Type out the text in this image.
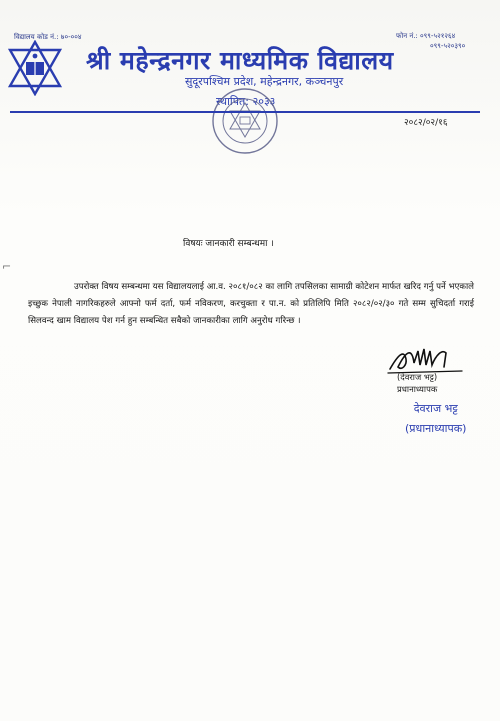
विद्यालय कोड नं.: ७०-००४	फोन नं.: ०९९-५२१२६४
०९९-५२०३९०
श्री महेन्द्रनगर माध्यमिक विद्यालय
सुदूरपश्चिम प्रदेश, महेन्द्रनगर, कञ्चनपुर
स्थापित: २०३३
२०८२/०२/१६
⌐
विषयः जानकारी सम्बन्धमा ।

उपरोक्त विषय सम्बन्धमा यस विद्यालयलाई आ.व. २०८१/०८२ का लागि तपसिलका सामाग्री कोटेशन मार्फत खरिद गर्नु पर्ने भएकाले इच्छुक नेपाली नागरिकहरुले आफ्नो फर्म दर्ता, फर्म नविकरण, करचुक्ता र पा.न. को प्रतिलिपि मिति २०८२/०२/३० गते सम्म सुचिदर्ता गराई सिलवन्द खाम विद्यालय पेश गर्न हुन सम्बन्धित सबैको जानकारीका लागि अनुरोध गरिन्छ ।

(देवराज भट्ट)
प्रधानाध्यापक
देवराज भट्ट
(प्रधानाध्यापक)
